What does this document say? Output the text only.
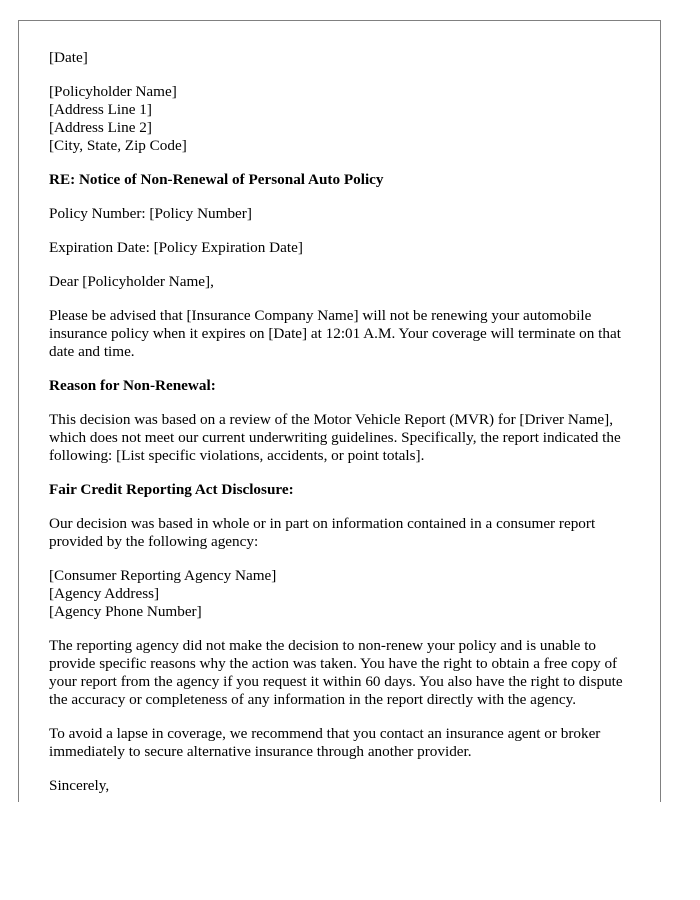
[Date]

[Policyholder Name]
[Address Line 1]
[Address Line 2]
[City, State, Zip Code]

RE: Notice of Non-Renewal of Personal Auto Policy

Policy Number: [Policy Number]

Expiration Date: [Policy Expiration Date]

Dear [Policyholder Name],

Please be advised that [Insurance Company Name] will not be renewing your automobile insurance policy when it expires on [Date] at 12:01 A.M. Your coverage will terminate on that date and time.

Reason for Non-Renewal:

This decision was based on a review of the Motor Vehicle Report (MVR) for [Driver Name], which does not meet our current underwriting guidelines. Specifically, the report indicated the following: [List specific violations, accidents, or point totals].

Fair Credit Reporting Act Disclosure:

Our decision was based in whole or in part on information contained in a consumer report provided by the following agency:

[Consumer Reporting Agency Name]
[Agency Address]
[Agency Phone Number]

The reporting agency did not make the decision to non-renew your policy and is unable to provide specific reasons why the action was taken. You have the right to obtain a free copy of your report from the agency if you request it within 60 days. You also have the right to dispute the accuracy or completeness of any information in the report directly with the agency.

To avoid a lapse in coverage, we recommend that you contact an insurance agent or broker immediately to secure alternative insurance through another provider.

Sincerely,
